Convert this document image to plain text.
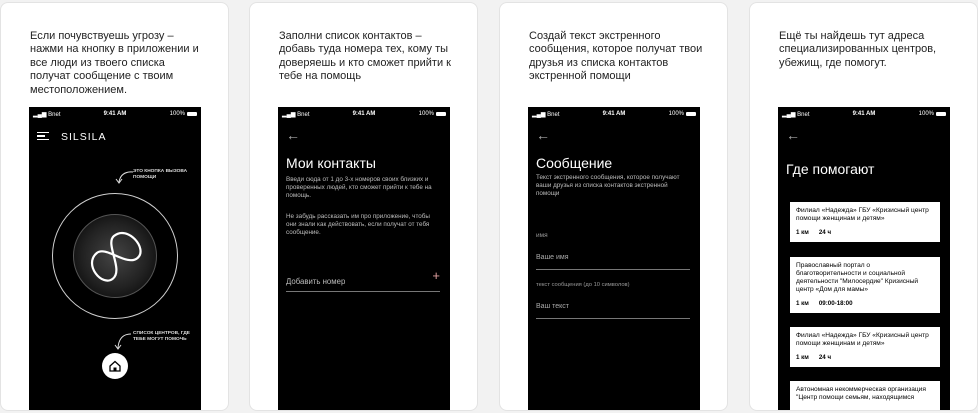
Если почувствуешь угрозу – нажми на кнопку в приложении и все люди из твоего списка получат сообщение с твоим местоположением.
▂▄▆ Bnet	9:41 AM	100%
SILSILA
ЭТО КНОПКА ВЫЗОВА ПОМОЩИ
СПИСОК ЦЕНТРОВ, ГДЕ ТЕБЕ МОГУТ ПОМОЧЬ
Заполни список контактов – добавь туда номера тех, кому ты доверяешь и кто сможет прийти к тебе на помощь
▂▄▆ Bnet	9:41 AM	100%
←
Мои контакты
Введи сюда от 1 до 3-х номеров своих близких и проверенных людей, кто сможет прийти к тебе на помощь.
Не забудь рассказать им про приложение, чтобы они знали как действовать, если получат от тебя сообщение.
Добавить номер	+
Создай текст экстренного сообщения, которое получат твои друзья из списка контактов экстренной помощи
▂▄▆ Bnet	9:41 AM	100%
←
Сообщение
Текст экстренного сообщения, которое получают ваши друзья из списка контактов экстренной помощи
имя
Ваше имя
текст сообщения (до 10 символов)
Ваш текст
Ещё ты найдешь тут адреса специализированных центров, убежищ, где помогут.
▂▄▆ Bnet	9:41 AM	100%
←
Где помогают
Филиал «Надежда» ГБУ «Кризисный центр помощи женщинам и детям»
1 км 24 ч
Православный портал о благотворительности и социальной деятельности "Милосердие" Кризисный центр «Дом для мамы»
1 км 09:00-18:00
Филиал «Надежда» ГБУ «Кризисный центр помощи женщинам и детям»
1 км 24 ч
Автономная некоммерческая организация "Центр помощи семьям, находящимся
